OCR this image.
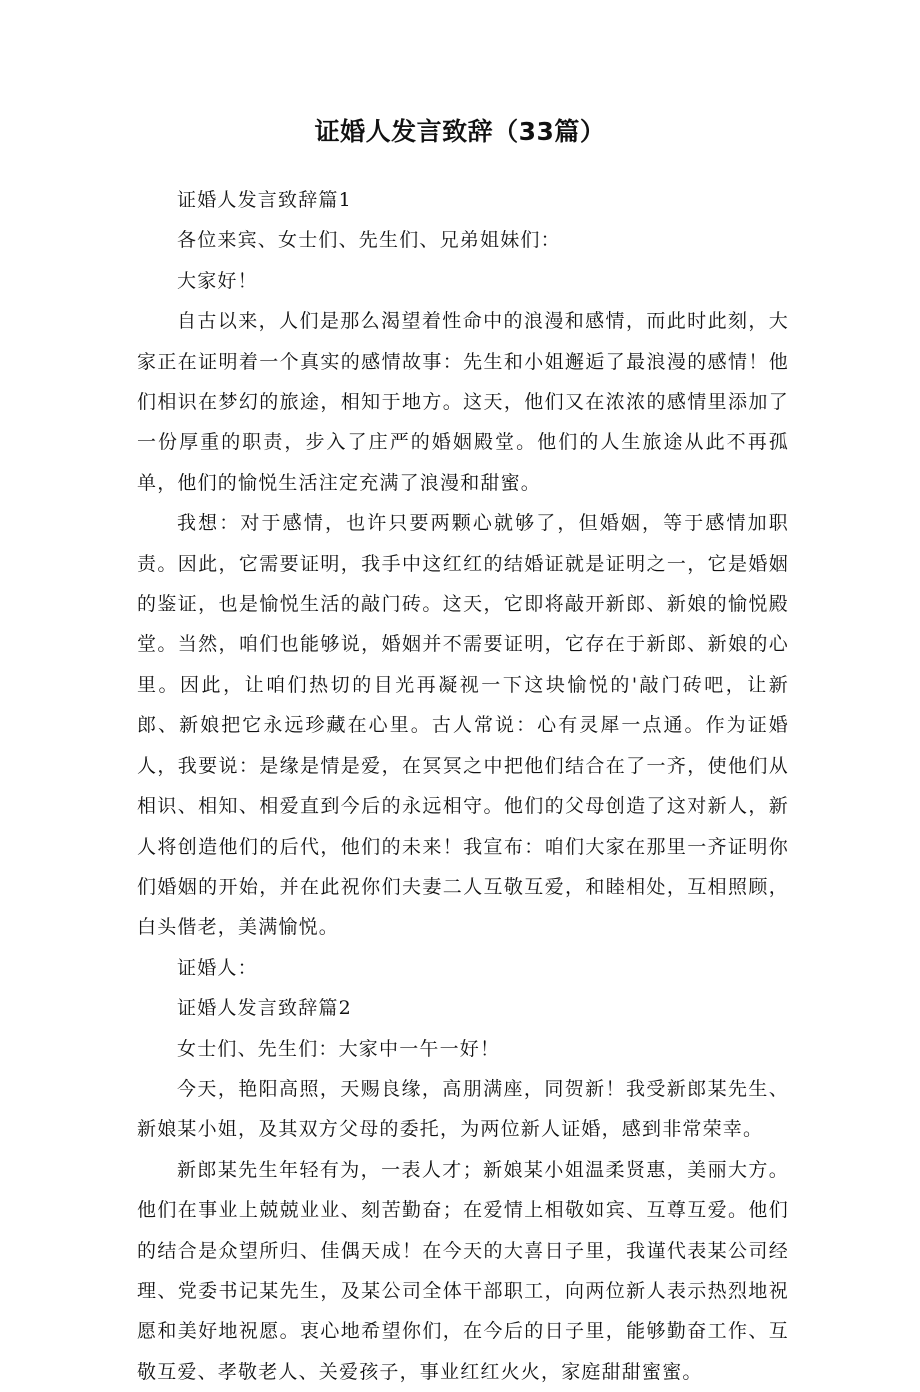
证婚人发言致辞（33篇）

证婚人发言致辞篇1

各位来宾、女士们、先生们、兄弟姐妹们：

大家好！

自古以来，人们是那么渴望着性命中的浪漫和感情，而此时此刻，大家正在证明着一个真实的感情故事：先生和小姐邂逅了最浪漫的感情！他们相识在梦幻的旅途，相知于地方。这天，他们又在浓浓的感情里添加了一份厚重的职责，步入了庄严的婚姻殿堂。他们的人生旅途从此不再孤单，他们的愉悦生活注定充满了浪漫和甜蜜。

我想：对于感情，也许只要两颗心就够了，但婚姻，等于感情加职责。因此，它需要证明，我手中这红红的结婚证就是证明之一，它是婚姻的鉴证，也是愉悦生活的敲门砖。这天，它即将敲开新郎、新娘的愉悦殿堂。当然，咱们也能够说，婚姻并不需要证明，它存在于新郎、新娘的心里。因此，让咱们热切的目光再凝视一下这块愉悦的'敲门砖吧，让新郎、新娘把它永远珍藏在心里。古人常说：心有灵犀一点通。作为证婚人，我要说：是缘是情是爱，在冥冥之中把他们结合在了一齐，使他们从相识、相知、相爱直到今后的永远相守。他们的父母创造了这对新人，新人将创造他们的后代，他们的未来！我宣布：咱们大家在那里一齐证明你们婚姻的开始，并在此祝你们夫妻二人互敬互爱，和睦相处，互相照顾，白头偕老，美满愉悦。

证婚人：

证婚人发言致辞篇2

女士们、先生们：大家中一午一好！

今天，艳阳高照，天赐良缘，高朋满座，同贺新！我受新郎某先生、新娘某小姐，及其双方父母的委托，为两位新人证婚，感到非常荣幸。

新郎某先生年轻有为，一表人才；新娘某小姐温柔贤惠，美丽大方。他们在事业上兢兢业业、刻苦勤奋；在爱情上相敬如宾、互尊互爱。他们的结合是众望所归、佳偶天成！在今天的大喜日子里，我谨代表某公司经理、党委书记某先生，及某公司全体干部职工，向两位新人表示热烈地祝愿和美好地祝愿。衷心地希望你们，在今后的日子里，能够勤奋工作、互敬互爱、孝敬老人、关爱孩子，事业红红火火，家庭甜甜蜜蜜。
